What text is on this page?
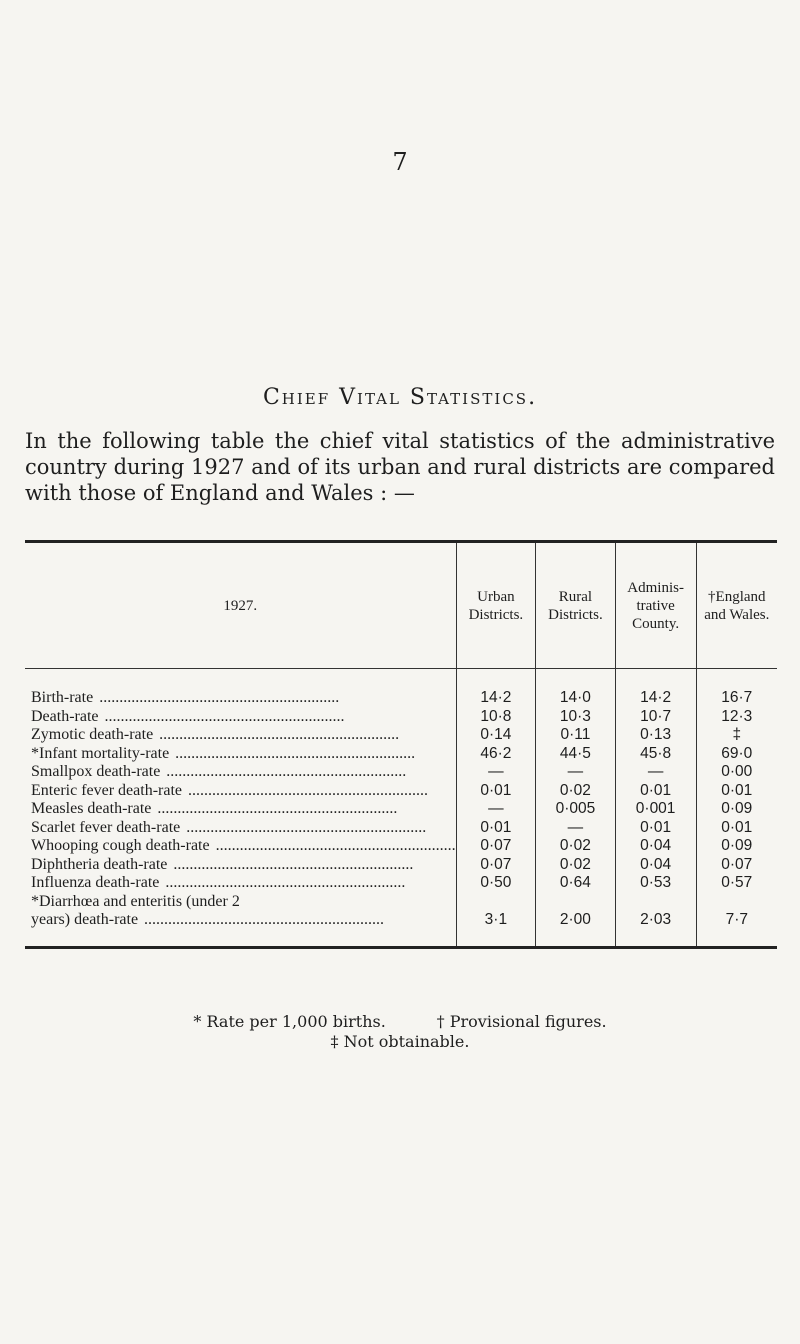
7
Chief Vital Statistics.
In the following table the chief vital statistics of the administrative country during 1927 and of its urban and rural districts are compared with those of England and Wales : —
1927.	Urban Districts.	Rural Districts.	Adminis-trative County.	†England and Wales.
Birth-rate ............................................................	14·2	14·0	14·2	16·7
Death-rate ............................................................	10·8	10·3	10·7	12·3
Zymotic death-rate ............................................................	0·14	0·11	0·13	‡
*Infant mortality-rate ............................................................	46·2	44·5	45·8	69·0
Smallpox death-rate ............................................................	—	—	—	0·00
Enteric fever death-rate ............................................................	0·01	0·02	0·01	0·01
Measles death-rate ............................................................	—	0·005	0·001	0·09
Scarlet fever death-rate ............................................................	0·01	—	0·01	0·01
Whooping cough death-rate ............................................................	0·07	0·02	0·04	0·09
Diphtheria death-rate ............................................................	0·07	0·02	0·04	0·07
Influenza death-rate ............................................................	0·50	0·64	0·53	0·57
*Diarrhœa and enteritis (under 2				
years) death-rate ............................................................	3·1	2·00	2·03	7·7
* Rate per 1,000 births.          † Provisional figures.
‡ Not obtainable.
